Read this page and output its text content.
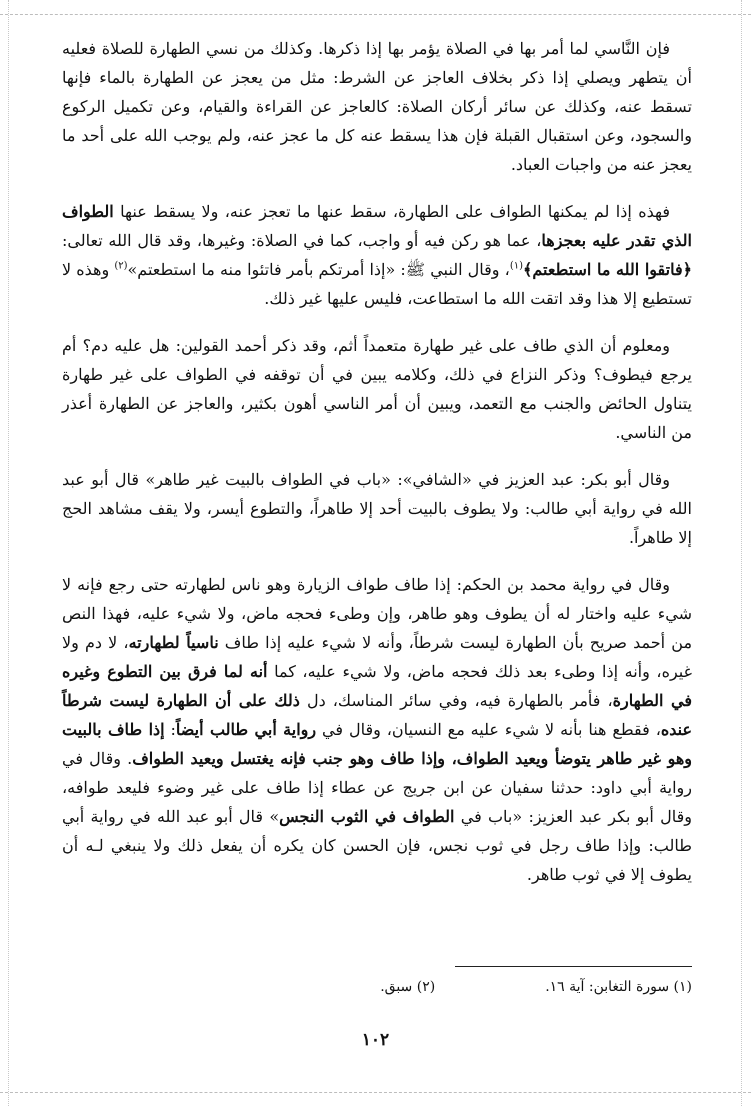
فإن النَّاسي لما أمر بها في الصلاة يؤمر بها إذا ذكرها. وكذلك من نسي الطهارة للصلاة فعليه أن يتطهر ويصلي إذا ذكر بخلاف العاجز عن الشرط: مثل من يعجز عن الطهارة بالماء فإنها تسقط عنه، وكذلك عن سائر أركان الصلاة: كالعاجز عن القراءة والقيام، وعن تكميل الركوع والسجود، وعن استقبال القبلة فإن هذا يسقط عنه كل ما عجز عنه، ولم يوجب الله على أحد ما يعجز عنه من واجبات العباد.

فهذه إذا لم يمكنها الطواف على الطهارة، سقط عنها ما تعجز عنه، ولا يسقط عنها الطواف الذي تقدر عليه بعجزها، عما هو ركن فيه أو واجب، كما في الصلاة: وغيرها، وقد قال الله تعالى: ﴿فاتقوا الله ما استطعتم﴾$^{(١)}$، وقال النبي ﷺ: «إذا أمرتكم بأمر فاتئوا منه ما استطعتم»$^{(٢)}$ وهذه لا تستطيع إلا هذا وقد اتقت الله ما استطاعت، فليس عليها غير ذلك.

ومعلوم أن الذي طاف على غير طهارة متعمداً أثم، وقد ذكر أحمد القولين: هل عليه دم؟ أم يرجع فيطوف؟ وذكر النزاع في ذلك، وكلامه يبين في أن توقفه في الطواف على غير طهارة يتناول الحائض والجنب مع التعمد، ويبين أن أمر الناسي أهون بكثير، والعاجز عن الطهارة أعذر من الناسي.

وقال أبو بكر: عبد العزيز في «الشافي»: «باب في الطواف بالبيت غير طاهر» قال أبو عبد الله في رواية أبي طالب: ولا يطوف بالبيت أحد إلا طاهراً، والتطوع أيسر، ولا يقف مشاهد الحج إلا طاهراً.

وقال في رواية محمد بن الحكم: إذا طاف طواف الزيارة وهو ناس لطهارته حتى رجع فإنه لا شيء عليه واختار له أن يطوف وهو طاهر، وإن وطىء فحجه ماض، ولا شيء عليه، فهذا النص من أحمد صريح بأن الطهارة ليست شرطاً، وأنه لا شيء عليه إذا طاف ناسياً لطهارته، لا دم ولا غيره، وأنه إذا وطىء بعد ذلك فحجه ماض، ولا شيء عليه، كما أنه لما فرق بين التطوع وغيره في الطهارة، فأمر بالطهارة فيه، وفي سائر المناسك، دل ذلك على أن الطهارة ليست شرطاً عنده، فقطع هنا بأنه لا شيء عليه مع النسيان، وقال في رواية أبي طالب أيضاً: إذا طاف بالبيت وهو غير طاهر يتوضأ ويعيد الطواف، وإذا طاف وهو جنب فإنه يغتسل ويعيد الطواف. وقال في رواية أبي داود: حدثنا سفيان عن ابن جريج عن عطاء إذا طاف على غير وضوء فليعد طوافه، وقال أبو بكر عبد العزيز: «باب في الطواف في الثوب النجس» قال أبو عبد الله في رواية أبي طالب: وإذا طاف رجل في ثوب نجس، فإن الحسن كان يكره أن يفعل ذلك ولا ينبغي لـه أن يطوف إلا في ثوب طاهر.

(١) سورة التغابن: آية ١٦.
(٢) سبق.
١٠٢
